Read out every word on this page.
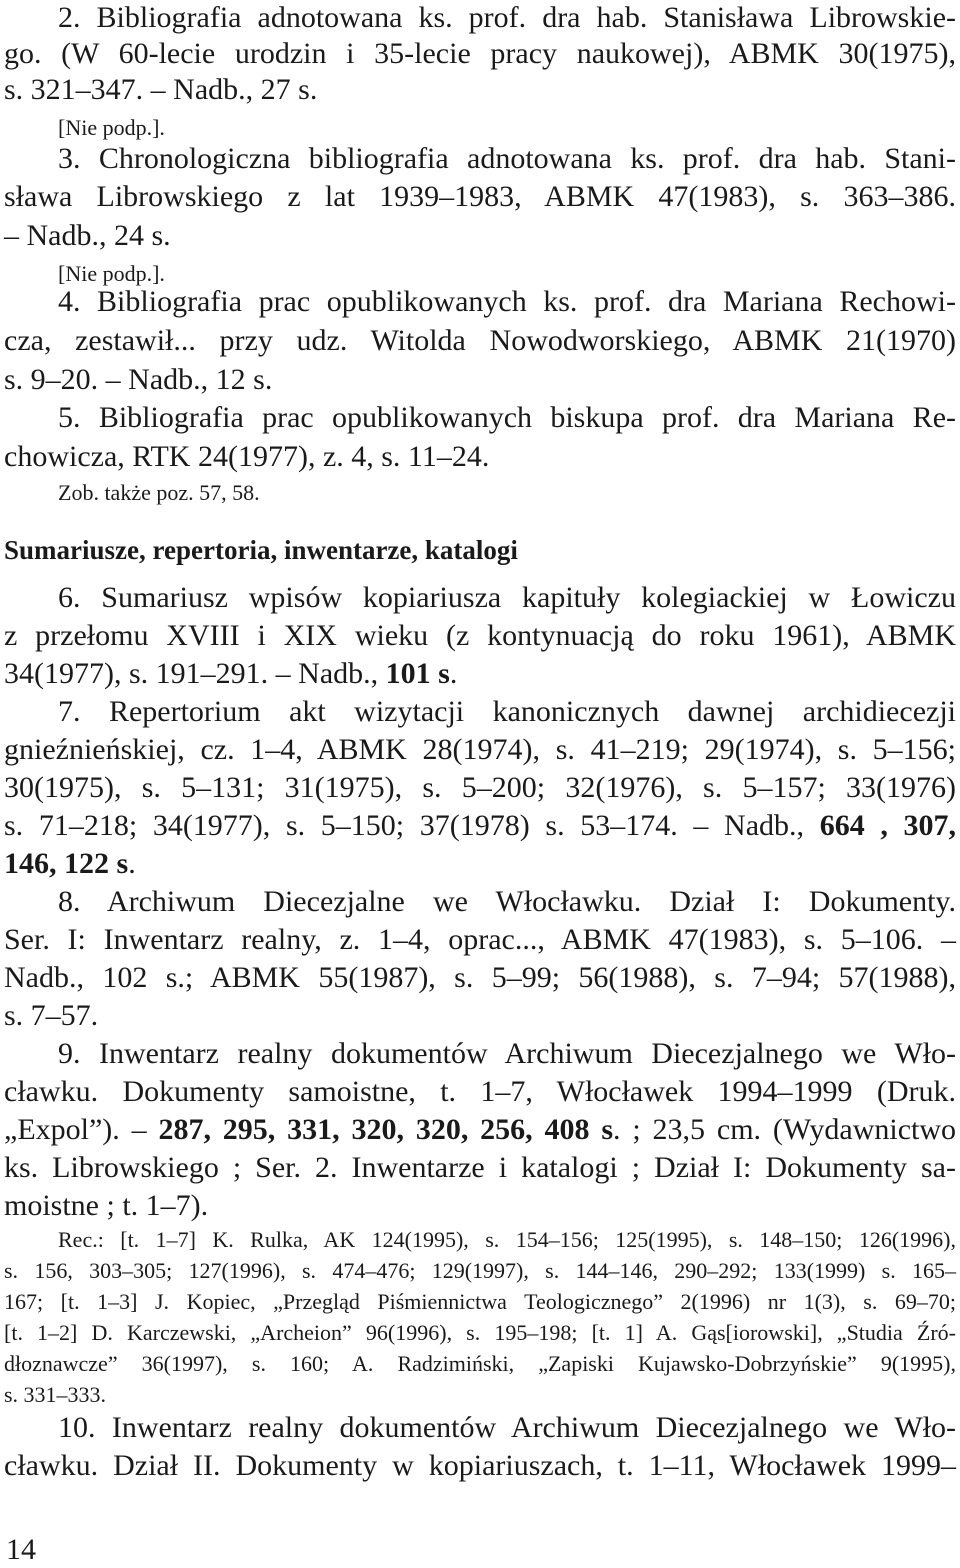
2. Bibliografia adnotowana ks. prof. dra hab. Stanisława Librowskie-
go. (W 60-lecie urodzin i 35-lecie pracy naukowej), ABMK 30(1975),
s. 321–347. – Nadb., 27 s.
[Nie podp.].
3. Chronologiczna bibliografia adnotowana ks. prof. dra hab. Stani-
sława Librowskiego z lat 1939–1983, ABMK 47(1983), s. 363–386.
– Nadb., 24 s.
[Nie podp.].
4. Bibliografia prac opublikowanych ks. prof. dra Mariana Rechowi-
cza, zestawił... przy udz. Witolda Nowodworskiego, ABMK 21(1970)
s. 9–20. – Nadb., 12 s.
5. Bibliografia prac opublikowanych biskupa prof. dra Mariana Re-
chowicza, RTK 24(1977), z. 4, s. 11–24.
Zob. także poz. 57, 58.
Sumariusze, repertoria, inwentarze, katalogi
6. Sumariusz wpisów kopiariusza kapituły kolegiackiej w Łowiczu
z przełomu XVIII i XIX wieku (z kontynuacją do roku 1961), ABMK
34(1977), s. 191–291. – Nadb., 101 s.
7. Repertorium akt wizytacji kanonicznych dawnej archidiecezji
gnieźnieńskiej, cz. 1–4, ABMK 28(1974), s. 41–219; 29(1974), s. 5–156;
30(1975), s. 5–131; 31(1975), s. 5–200; 32(1976), s. 5–157; 33(1976)
s. 71–218; 34(1977), s. 5–150; 37(1978) s. 53–174. – Nadb., 664 , 307,
146, 122 s.
8. Archiwum Diecezjalne we Włocławku. Dział I: Dokumenty.
Ser. I: Inwentarz realny, z. 1–4, oprac..., ABMK 47(1983), s. 5–106. –
Nadb., 102 s.; ABMK 55(1987), s. 5–99; 56(1988), s. 7–94; 57(1988),
s. 7–57.
9. Inwentarz realny dokumentów Archiwum Diecezjalnego we Wło-
cławku. Dokumenty samoistne, t. 1–7, Włocławek 1994–1999 (Druk.
„Expol”). – 287, 295, 331, 320, 320, 256, 408 s. ; 23,5 cm. (Wydawnictwo
ks. Librowskiego ; Ser. 2. Inwentarze i katalogi ; Dział I: Dokumenty sa-
moistne ; t. 1–7).
Rec.: [t. 1–7] K. Rulka, AK 124(1995), s. 154–156; 125(1995), s. 148–150; 126(1996),
s. 156, 303–305; 127(1996), s. 474–476; 129(1997), s. 144–146, 290–292; 133(1999) s. 165–
167; [t. 1–3] J. Kopiec, „Przegląd Piśmiennictwa Teologicznego” 2(1996) nr 1(3), s. 69–70;
[t. 1–2] D. Karczewski, „Archeion” 96(1996), s. 195–198; [t. 1] A. Gąs[iorowski], „Studia Źró-
dłoznawcze” 36(1997), s. 160; A. Radzimiński, „Zapiski Kujawsko-Dobrzyńskie” 9(1995),
s. 331–333.
10. Inwentarz realny dokumentów Archiwum Diecezjalnego we Wło-
cławku. Dział II. Dokumenty w kopiariuszach, t. 1–11, Włocławek 1999–
14
